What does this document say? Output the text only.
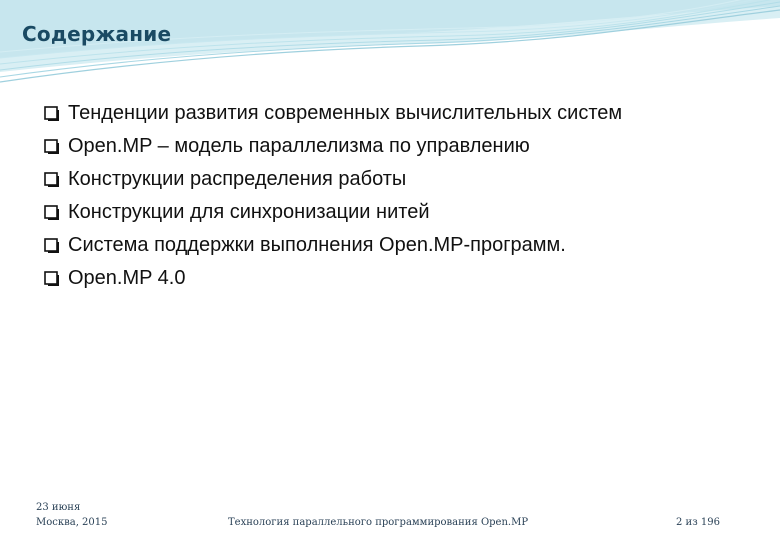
Содержание
Тенденции развития современных вычислительных систем
Open.MP – модель параллелизма по управлению
Конструкции распределения работы
Конструкции для синхронизации нитей
Система поддержки выполнения Open.MP-программ.
Open.MP 4.0
23 июня
Москва, 2015	Технология параллельного программирования Open.MP	2 из 196
